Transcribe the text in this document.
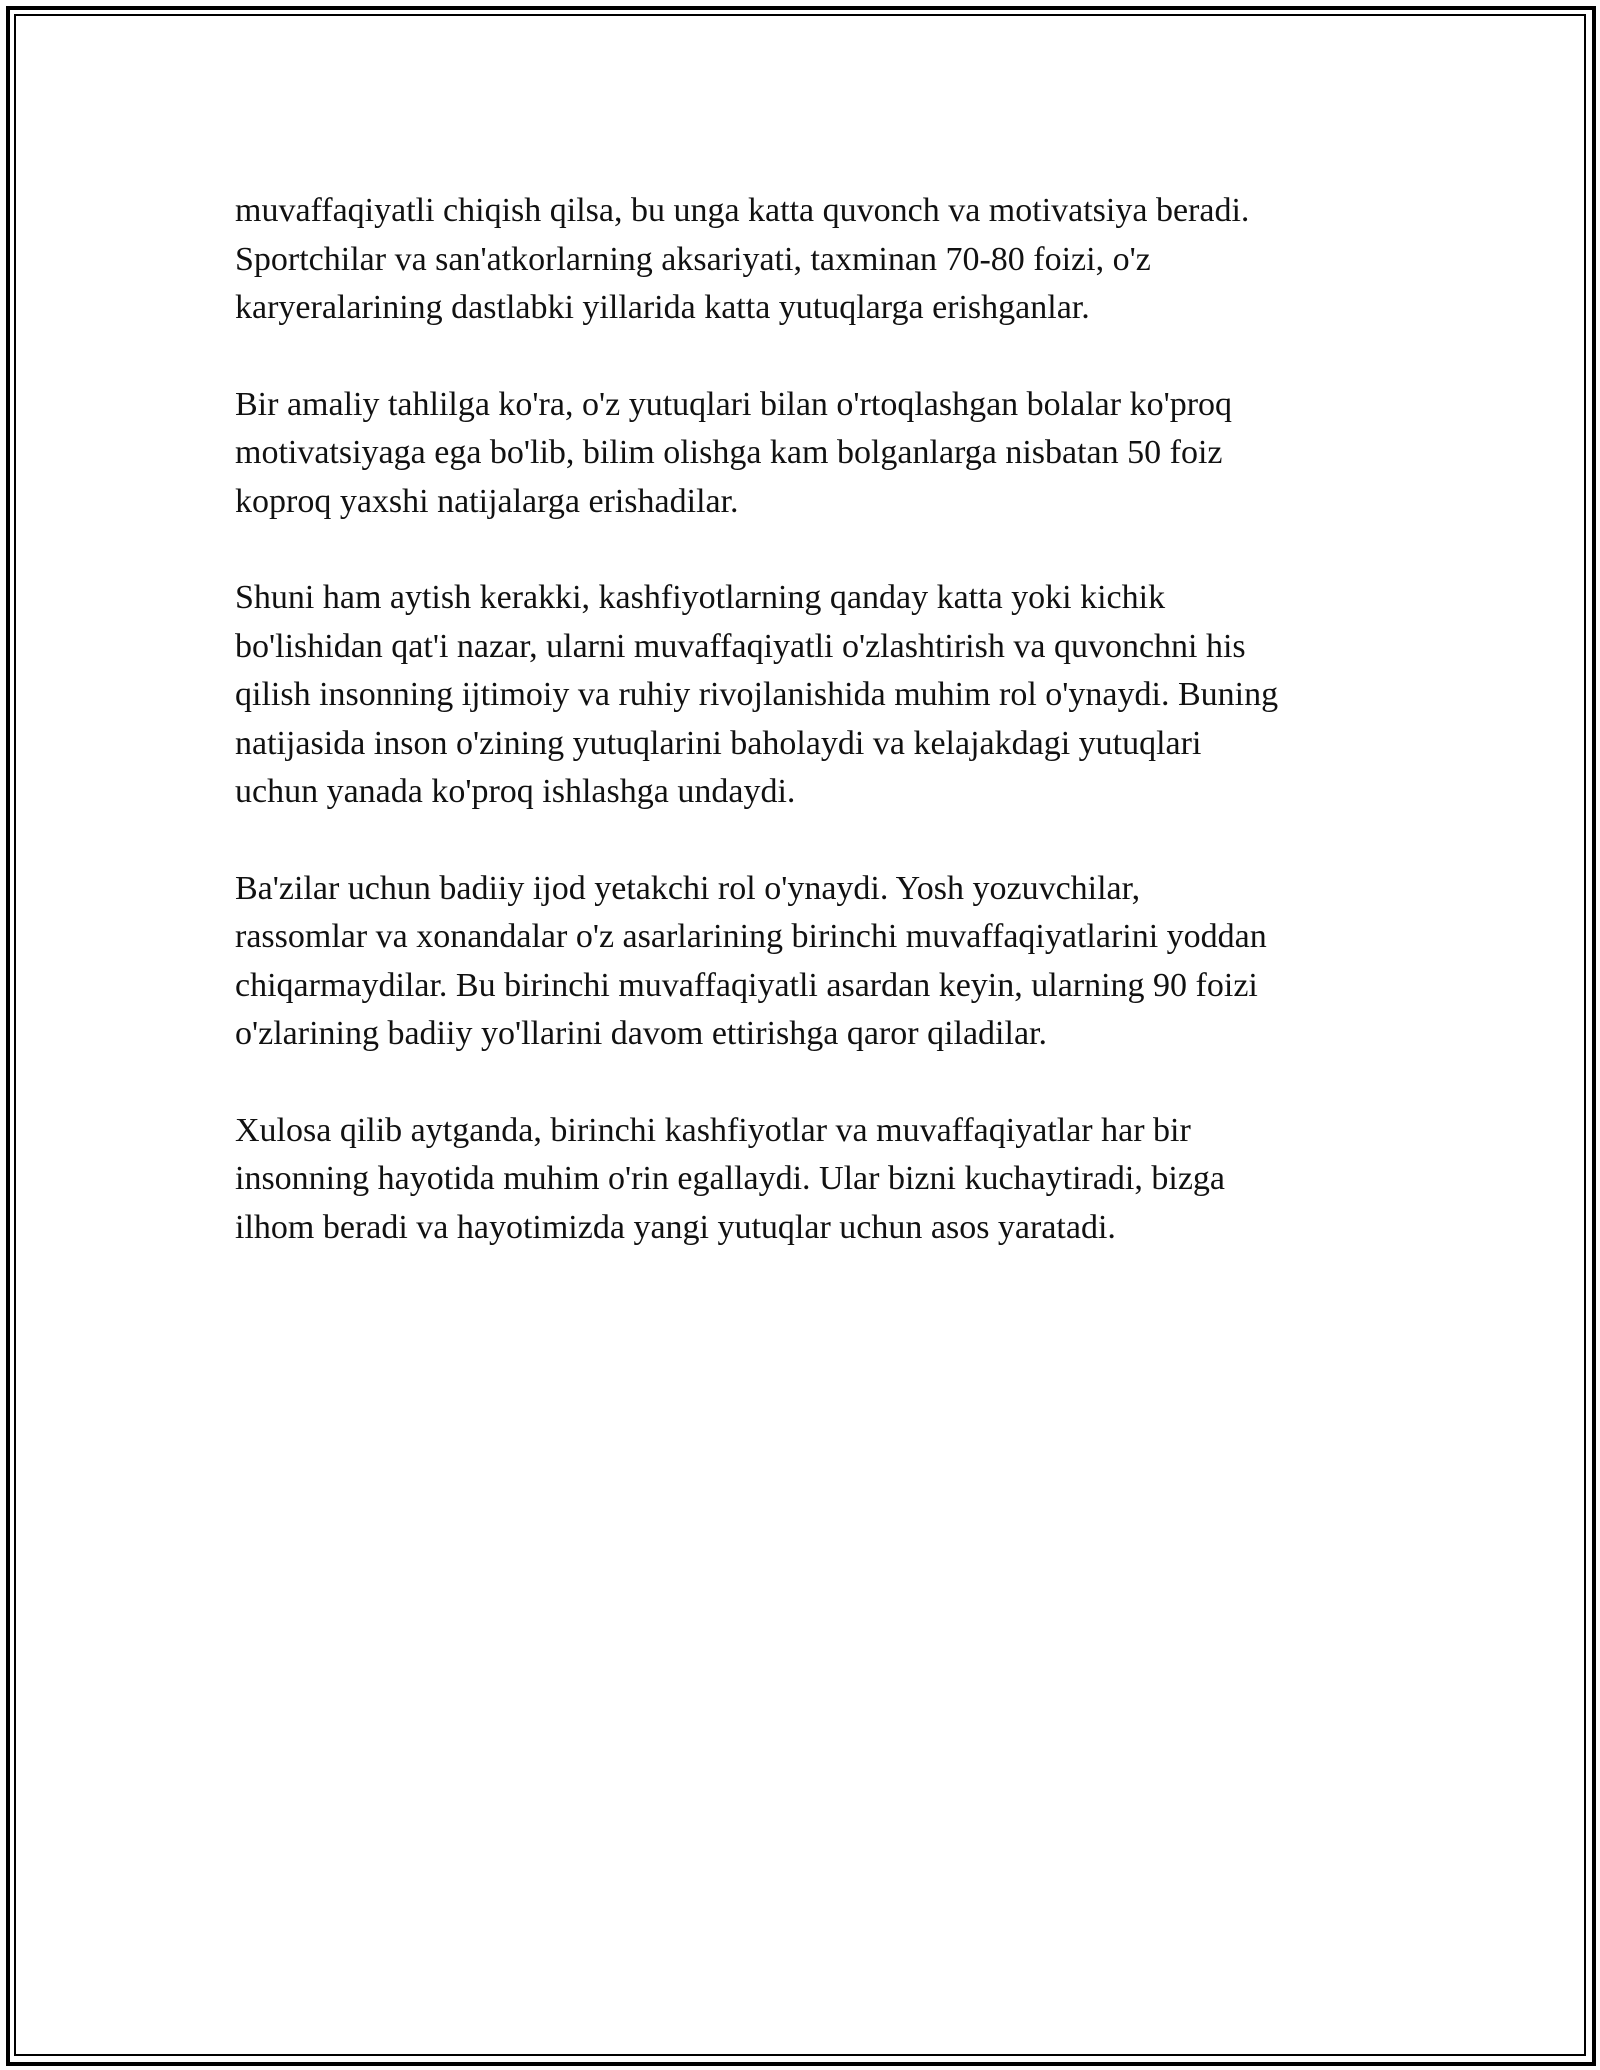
muvaffaqiyatli chiqish qilsa, bu unga katta quvonch va motivatsiya beradi.
Sportchilar va san'atkorlarning aksariyati, taxminan 70-80 foizi, o'z
karyeralarining dastlabki yillarida katta yutuqlarga erishganlar.

Bir amaliy tahlilga ko'ra, o'z yutuqlari bilan o'rtoqlashgan bolalar ko'proq
motivatsiyaga ega bo'lib, bilim olishga kam bolganlarga nisbatan 50 foiz
koproq yaxshi natijalarga erishadilar.

Shuni ham aytish kerakki, kashfiyotlarning qanday katta yoki kichik
bo'lishidan qat'i nazar, ularni muvaffaqiyatli o'zlashtirish va quvonchni his
qilish insonning ijtimoiy va ruhiy rivojlanishida muhim rol o'ynaydi. Buning
natijasida inson o'zining yutuqlarini baholaydi va kelajakdagi yutuqlari
uchun yanada ko'proq ishlashga undaydi.

Ba'zilar uchun badiiy ijod yetakchi rol o'ynaydi. Yosh yozuvchilar,
rassomlar va xonandalar o'z asarlarining birinchi muvaffaqiyatlarini yoddan
chiqarmaydilar. Bu birinchi muvaffaqiyatli asardan keyin, ularning 90 foizi
o'zlarining badiiy yo'llarini davom ettirishga qaror qiladilar.

Xulosa qilib aytganda, birinchi kashfiyotlar va muvaffaqiyatlar har bir
insonning hayotida muhim o'rin egallaydi. Ular bizni kuchaytiradi, bizga
ilhom beradi va hayotimizda yangi yutuqlar uchun asos yaratadi.
